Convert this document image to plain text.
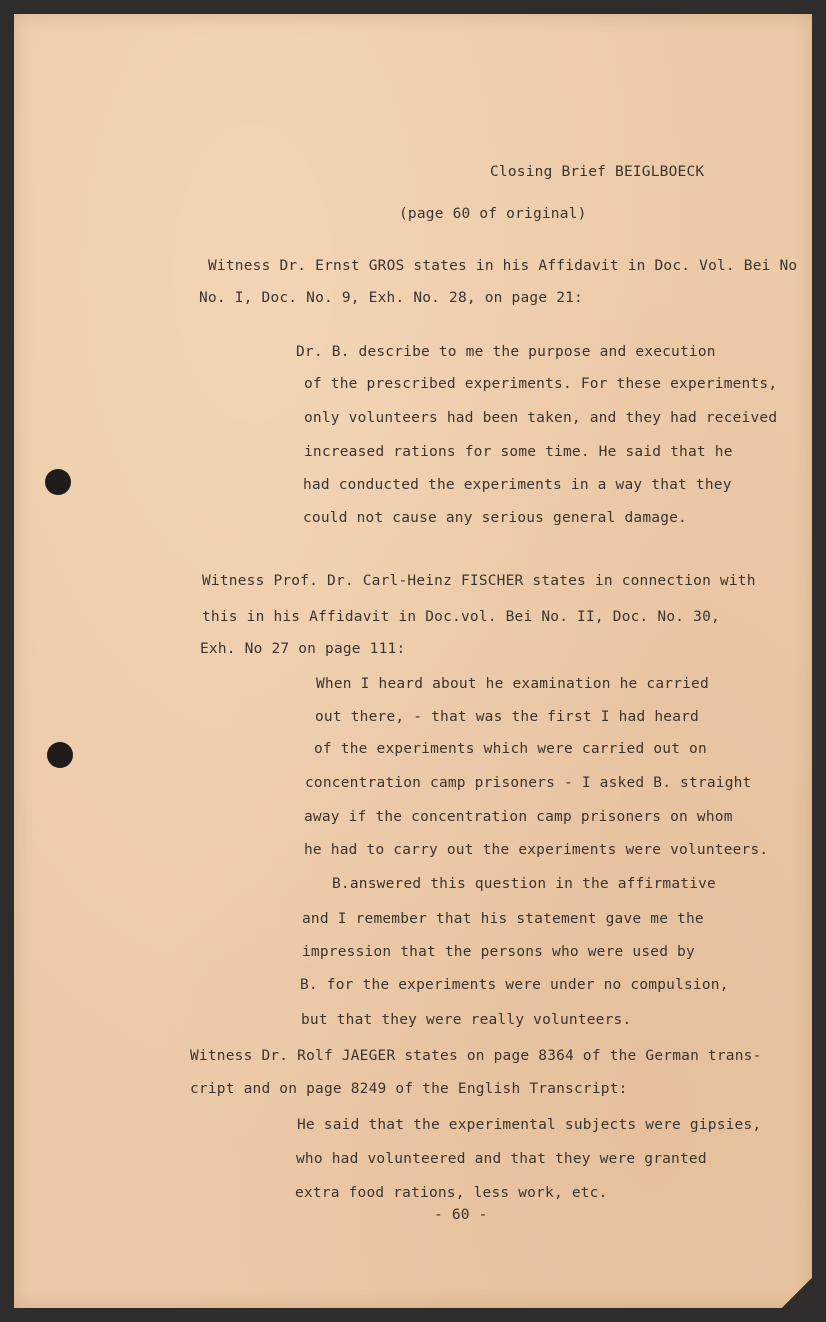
Closing Brief BEIGLBOECK
(page 60 of original)
Witness Dr. Ernst GROS states in his Affidavit in Doc. Vol. Bei No
No. I, Doc. No. 9, Exh. No. 28, on page 21:
Dr. B. describe to me the purpose and execution
of the prescribed experiments. For these experiments,
only volunteers had been taken, and they had received
increased rations for some time. He said that he
had conducted the experiments in a way that they
could not cause any serious general damage.
Witness Prof. Dr. Carl-Heinz FISCHER states in connection with
this in his Affidavit in Doc.vol. Bei No. II, Doc. No. 30,
Exh. No 27 on page 111:
When I heard about he examination he carried
out there, - that was the first I had heard
of the experiments which were carried out on
concentration camp prisoners - I asked B. straight
away if the concentration camp prisoners on whom
he had to carry out the experiments were volunteers.
B.answered this question in the affirmative
and I remember that his statement gave me the
impression that the persons who were used by
B. for the experiments were under no compulsion,
but that they were really volunteers.
Witness Dr. Rolf JAEGER states on page 8364 of the German trans-
cript and on page 8249 of the English Transcript:
He said that the experimental subjects were gipsies,
who had volunteered and that they were granted
extra food rations, less work, etc.
- 60 -
